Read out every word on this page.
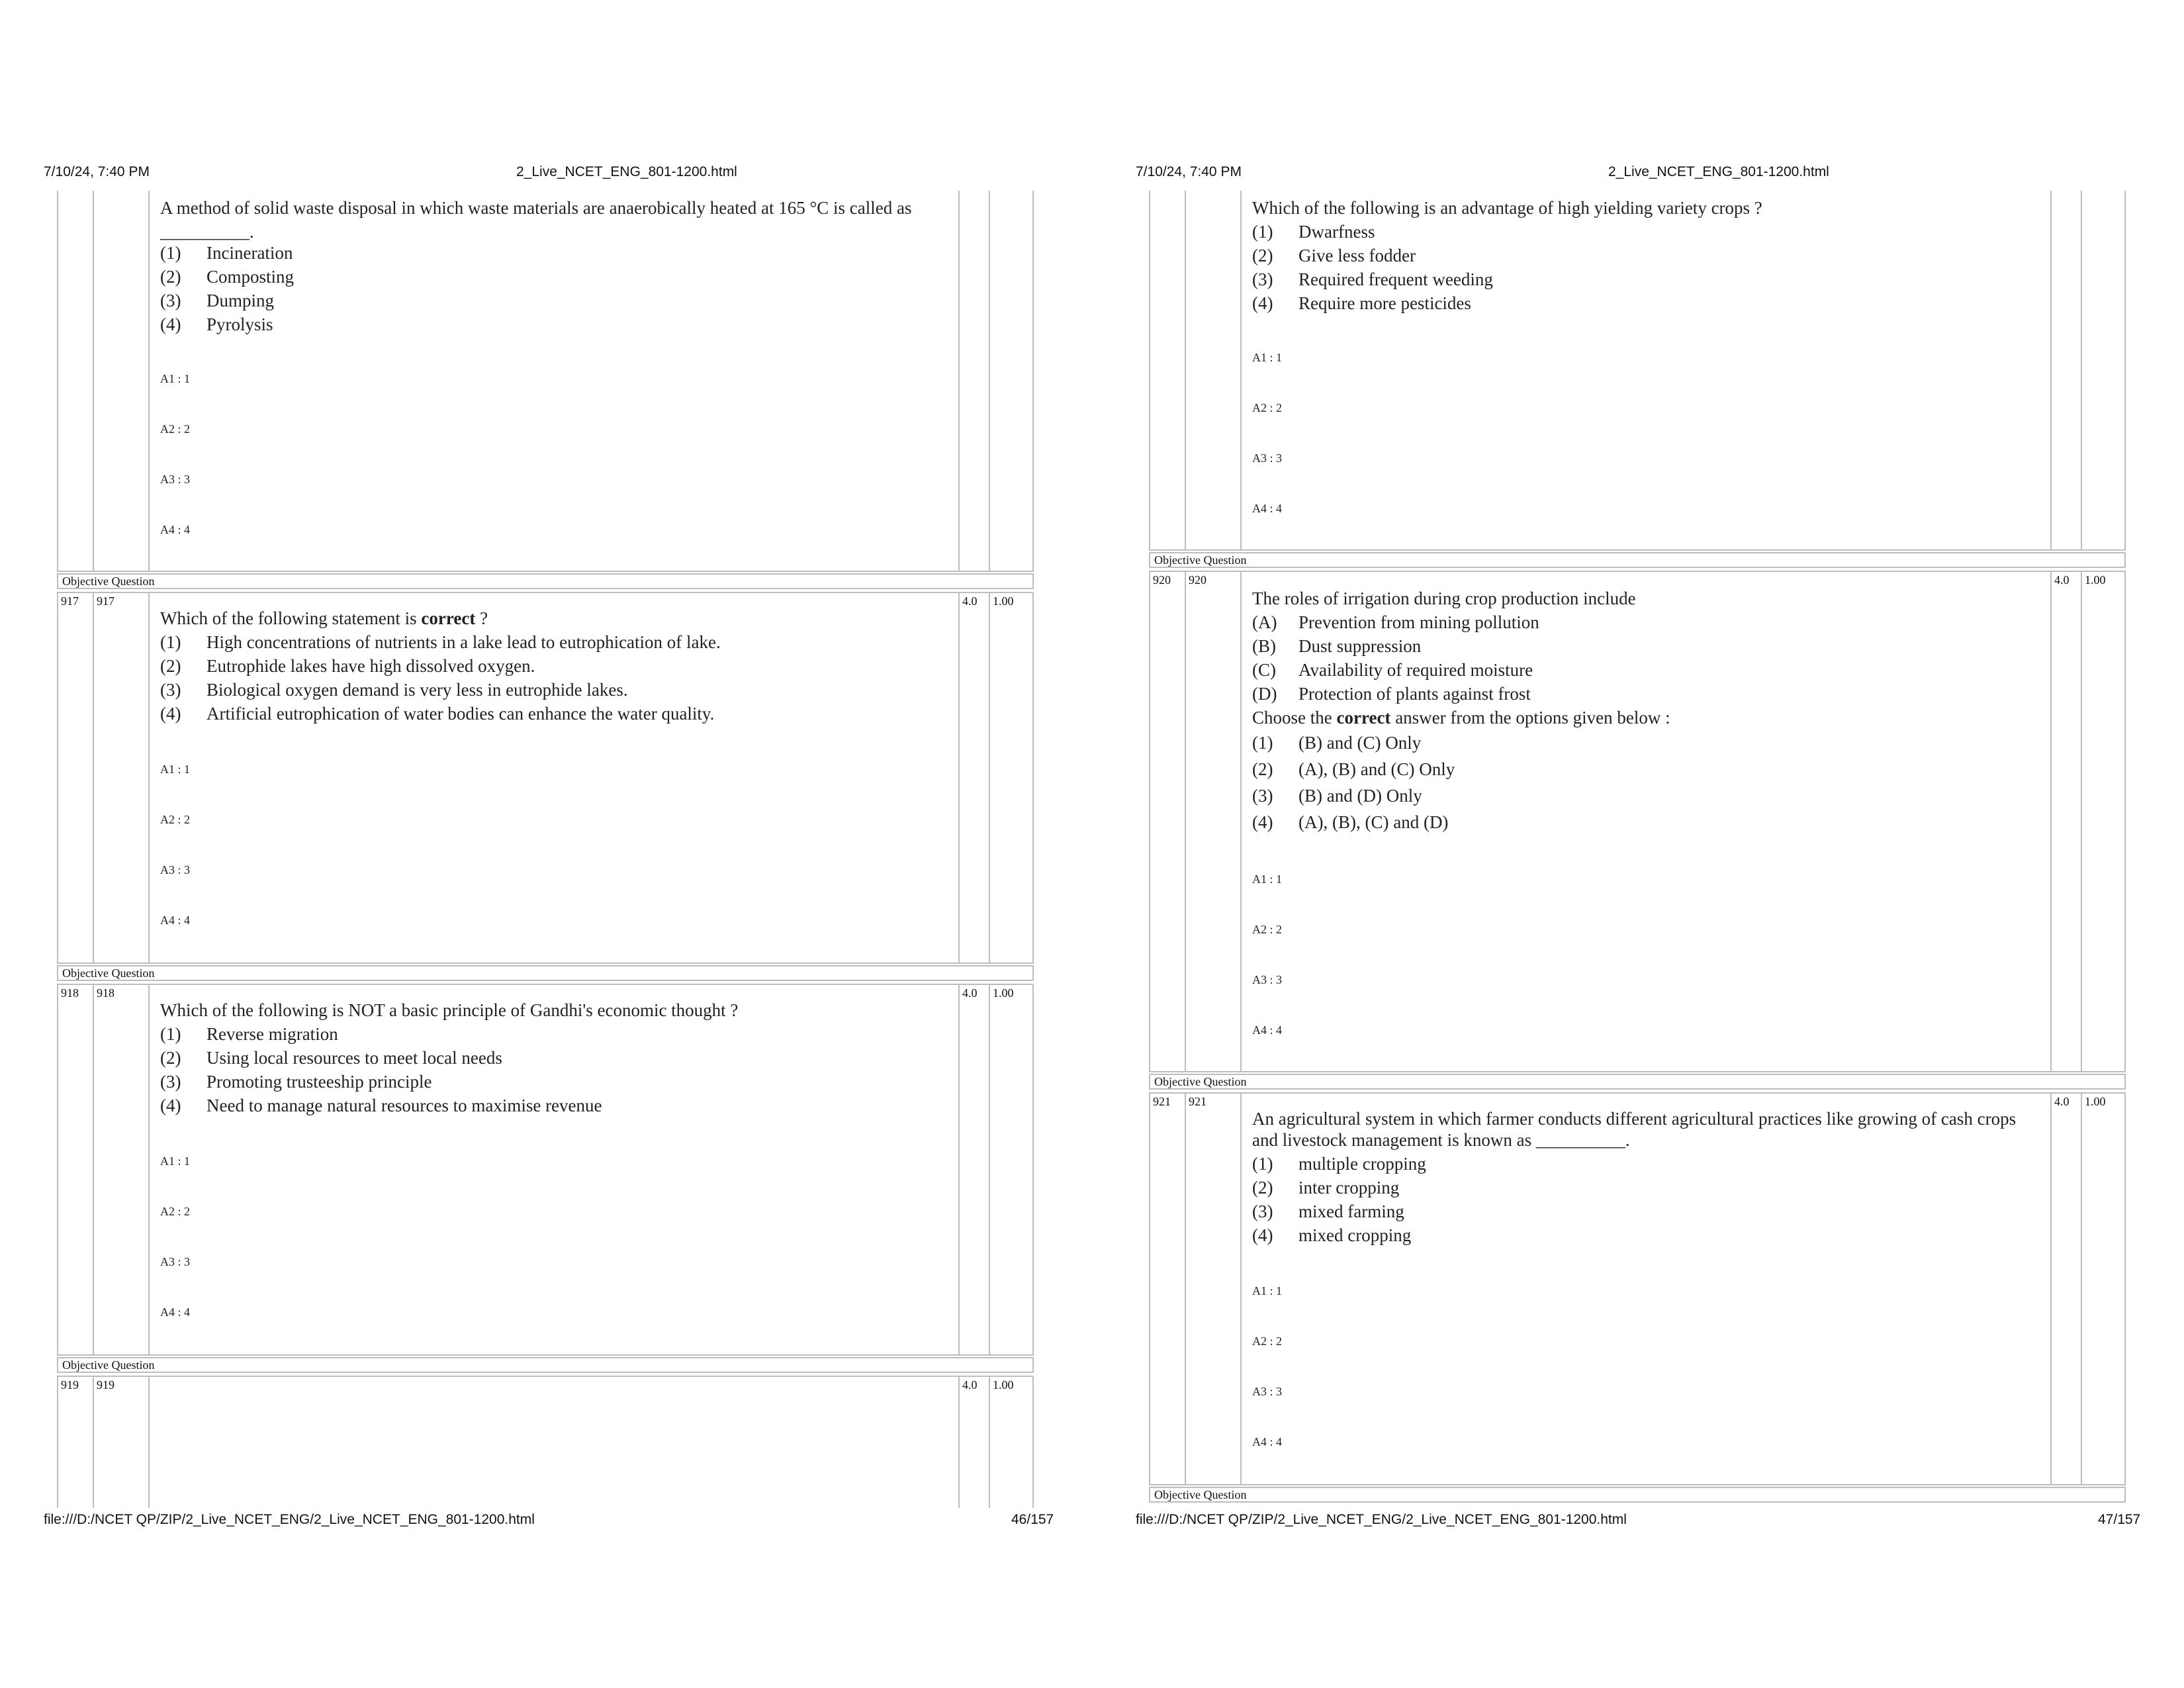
7/10/24, 7:40 PM	2_Live_NCET_ENG_801-1200.html
A method of solid waste disposal in which waste materials are anaerobically heated at 165 °C is called as __________.
(1) Incineration
(2) Composting
(3) Dumping
(4) Pyrolysis
A1 : 1
A2 : 2
A3 : 3
A4 : 4
Objective Question
917 917	4.0 1.00
Which of the following statement is correct ?
(1) High concentrations of nutrients in a lake lead to eutrophication of lake.
(2) Eutrophide lakes have high dissolved oxygen.
(3) Biological oxygen demand is very less in eutrophide lakes.
(4) Artificial eutrophication of water bodies can enhance the water quality.
A1 : 1
A2 : 2
A3 : 3
A4 : 4
Objective Question
918 918	4.0 1.00
Which of the following is NOT a basic principle of Gandhi's economic thought ?
(1) Reverse migration
(2) Using local resources to meet local needs
(3) Promoting trusteeship principle
(4) Need to manage natural resources to maximise revenue
A1 : 1
A2 : 2
A3 : 3
A4 : 4
Objective Question
919 919	4.0 1.00
file:///D:/NCET QP/ZIP/2_Live_NCET_ENG/2_Live_NCET_ENG_801-1200.html	46/157
7/10/24, 7:40 PM	2_Live_NCET_ENG_801-1200.html
Which of the following is an advantage of high yielding variety crops ?
(1) Dwarfness
(2) Give less fodder
(3) Required frequent weeding
(4) Require more pesticides
A1 : 1
A2 : 2
A3 : 3
A4 : 4
Objective Question
920 920	4.0 1.00
The roles of irrigation during crop production include
(A) Prevention from mining pollution
(B) Dust suppression
(C) Availability of required moisture
(D) Protection of plants against frost
Choose the correct answer from the options given below :
(1) (B) and (C) Only
(2) (A), (B) and (C) Only
(3) (B) and (D) Only
(4) (A), (B), (C) and (D)
A1 : 1
A2 : 2
A3 : 3
A4 : 4
Objective Question
921 921	4.0 1.00
An agricultural system in which farmer conducts different agricultural practices like growing of cash crops and livestock management is known as __________.
(1) multiple cropping
(2) inter cropping
(3) mixed farming
(4) mixed cropping
A1 : 1
A2 : 2
A3 : 3
A4 : 4
Objective Question
file:///D:/NCET QP/ZIP/2_Live_NCET_ENG/2_Live_NCET_ENG_801-1200.html	47/157
